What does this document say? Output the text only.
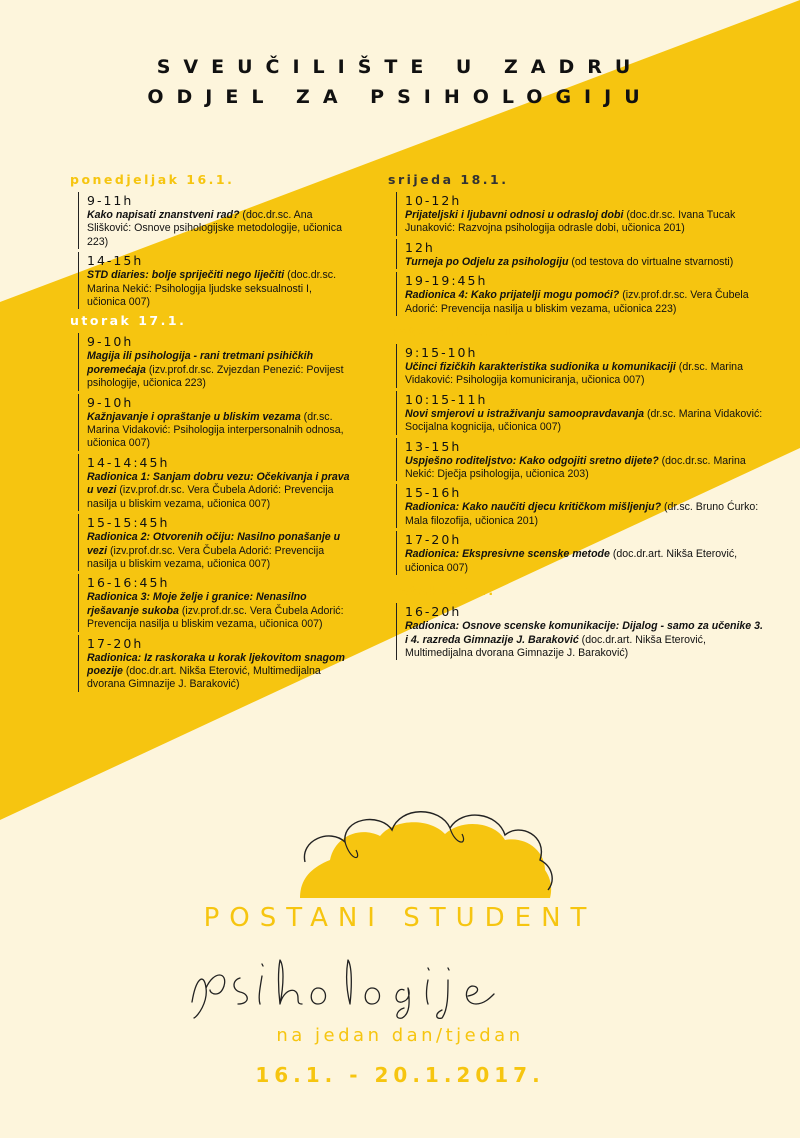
SVEUČILIŠTE U ZADRU
ODJEL ZA PSIHOLOGIJU
ponedjeljak 16.1.
9-11h
Kako napisati znanstveni rad? (doc.dr.sc. Ana Slišković: Osnove psihologijske metodologije, učionica 223)
14-15h
STD diaries: bolje spriječiti nego liječiti (doc.dr.sc. Marina Nekić: Psihologija ljudske seksualnosti I, učionica 007)
utorak 17.1.
9-10h
Magija ili psihologija - rani tretmani psihičkih poremećaja (izv.prof.dr.sc. Zvjezdan Penezić: Povijest psihologije, učionica 223)
9-10h
Kažnjavanje i opraštanje u bliskim vezama (dr.sc. Marina Vidaković: Psihologija interpersonalnih odnosa, učionica 007)
14-14:45h
Radionica 1: Sanjam dobru vezu: Očekivanja i prava u vezi (izv.prof.dr.sc. Vera Čubela Adorić: Prevencija nasilja u bliskim vezama, učionica 007)
15-15:45h
Radionica 2: Otvorenih očiju: Nasilno ponašanje u vezi (izv.prof.dr.sc. Vera Čubela Adorić: Prevencija nasilja u bliskim vezama, učionica 007)
16-16:45h
Radionica 3: Moje želje i granice: Nenasilno rješavanje sukoba (izv.prof.dr.sc. Vera Čubela Adorić: Prevencija nasilja u bliskim vezama, učionica 007)
17-20h
Radionica: Iz raskoraka u korak ljekovitom snagom poezije (doc.dr.art. Nikša Eterović, Multimedijalna dvorana Gimnazije J. Baraković)
srijeda 18.1.
10-12h
Prijateljski i ljubavni odnosi u odrasloj dobi (doc.dr.sc. Ivana Tucak Junaković: Razvojna psihologija odrasle dobi, učionica 201)
12h
Turneja po Odjelu za psihologiju (od testova do virtualne stvarnosti)
19-19:45h
Radionica 4: Kako prijatelji mogu pomoći? (izv.prof.dr.sc. Vera Čubela Adorić: Prevencija nasilja u bliskim vezama, učionica 223)
četvrtak 19.1.
9:15-10h
Učinci fizičkih karakteristika sudionika u komunikaciji (dr.sc. Marina Vidaković: Psihologija komuniciranja, učionica 007)
10:15-11h
Novi smjerovi u istraživanju samoopravdavanja (dr.sc. Marina Vidaković: Socijalna kognicija, učionica 007)
13-15h
Uspješno roditeljstvo: Kako odgojiti sretno dijete? (doc.dr.sc. Marina Nekić: Dječja psihologija, učionica 203)
15-16h
Radionica: Kako naučiti djecu kritičkom mišljenju? (dr.sc. Bruno Ćurko: Mala filozofija, učionica 201)
17-20h
Radionica: Ekspresivne scenske metode (doc.dr.art. Nikša Eterović, učionica 007)
petak 20.1.
16-20h
Radionica: Osnove scenske komunikacije: Dijalog - samo za učenike 3. i 4. razreda Gimnazije J. Baraković (doc.dr.art. Nikša Eterović, Multimedijalna dvorana Gimnazije J. Baraković)
POSTANI STUDENT
na jedan dan/tjedan
16.1. - 20.1.2017.
